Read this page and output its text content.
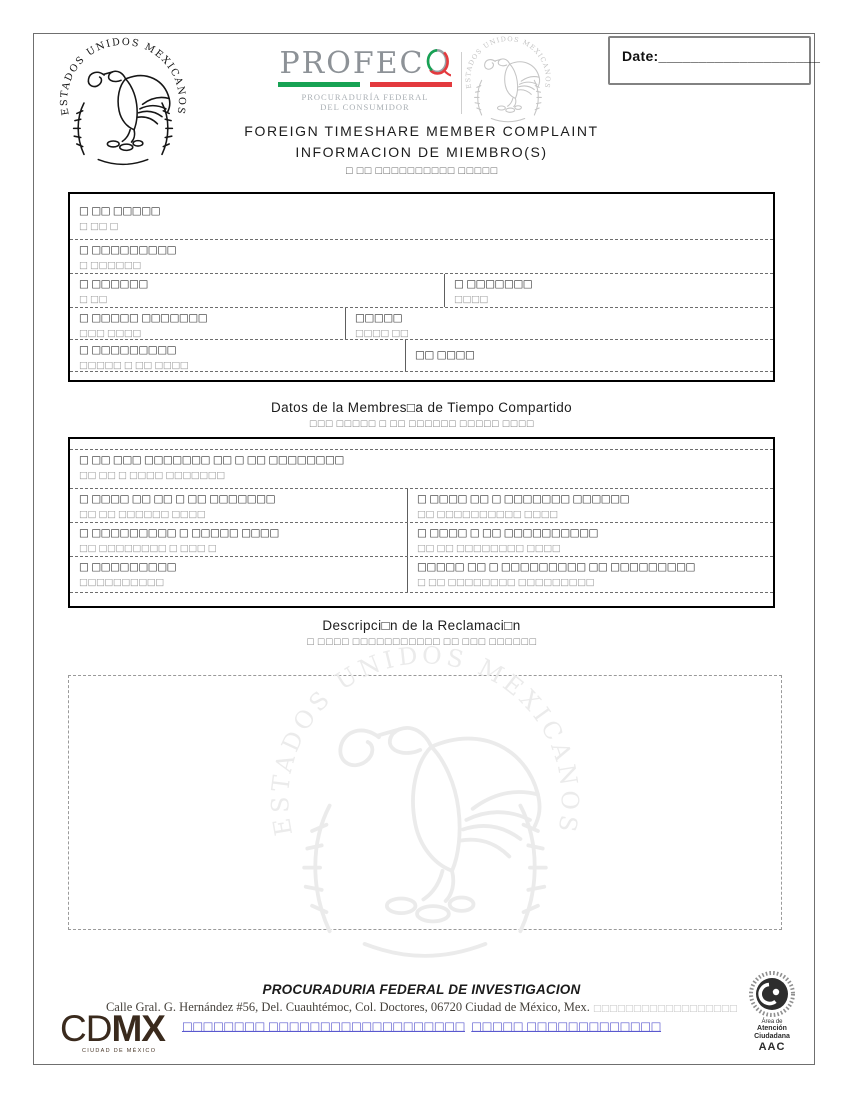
ESTADOS UNIDOS MEXICANOS
PROFEC
PROCURADURÍA FEDERAL
DEL CONSUMIDOR
ESTADOS UNIDOS MEXICANOS
Date:____________________
FOREIGN TIMESHARE MEMBER COMPLAINT
INFORMACION DE MIEMBRO(S)
□ □□ □□□□□□□□□□ □□□□□
□ □□ □□□□□
□ □□ □
□ □□□□□□□□□
□ □□□□□□
□ □□□□□□
□ □□
□ □□□□□□□
□□□□
□ □□□□□ □□□□□□□
□□□ □□□□
□□□□□
□□□□ □□
□ □□□□□□□□□
□□□□□ □ □□ □□□□
□□ □□□□
Datos de la Membres□a de Tiempo Compartido
□□□ □□□□□ □ □□ □□□□□□ □□□□□ □□□□
□ □□ □□□ □□□□□□□ □□ □ □□ □□□□□□□□
□□ □□ □ □□□□ □□□□□□□
□ □□□□ □□ □□ □ □□ □□□□□□□
□□ □□ □□□□□□ □□□□
□ □□□□ □□ □ □□□□□□□ □□□□□□
□□ □□□□□□□□□□ □□□□
□ □□□□□□□□□ □ □□□□□ □□□□
□□ □□□□□□□□ □ □□□ □
□ □□□□ □ □□ □□□□□□□□□□
□□ □□ □□□□□□□□ □□□□
□ □□□□□□□□□
□□□□□□□□□□
□□□□□ □□ □ □□□□□□□□□ □□ □□□□□□□□□
□ □□ □□□□□□□□ □□□□□□□□□
Descripci□n de la Reclamaci□n
□ □□□□ □□□□□□□□□□□ □□ □□□ □□□□□□
ESTADOS UNIDOS MEXICANOS
PROCURADURIA FEDERAL DE INVESTIGACION
Calle Gral. G. Hernández #56, Del. Cuauhtémoc, Col. Doctores, 06720 Ciudad de México, Mex. □□□□□□□□□□□□□□□□□□
□□□□□□□□ □□□□□□□□□□□□□□□□□□□ □□□□□ □□□□□□□□□□□□□
CDMX
CIUDAD DE MÉXICO
Área de
Atención
Ciudadana
AAC
